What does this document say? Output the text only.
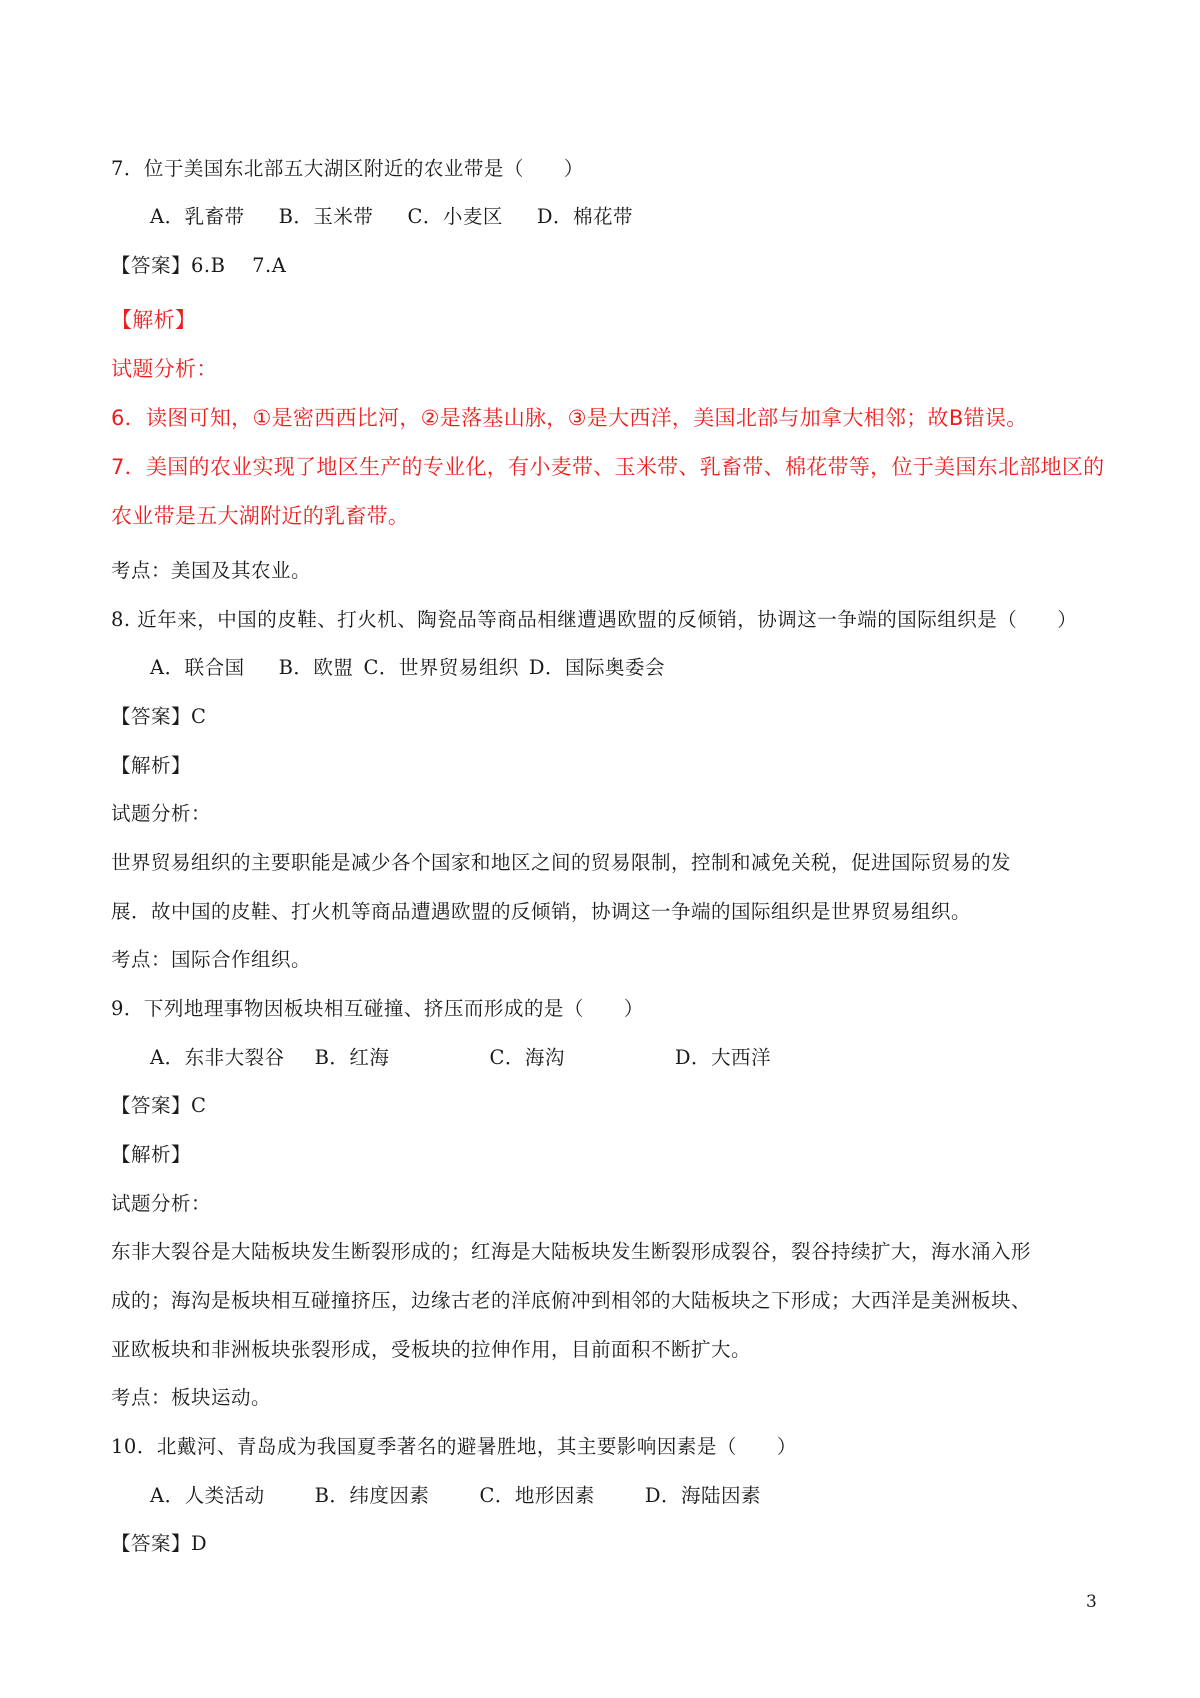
7．位于美国东北部五大湖区附近的农业带是（　　）
A．乳畜带 B．玉米带 C．小麦区 D．棉花带
【答案】6.B　 7.A
【解析】
试题分析：
6．读图可知，①是密西西比河，②是落基山脉，③是大西洋，美国北部与加拿大相邻；故B错误。
7．美国的农业实现了地区生产的专业化，有小麦带、玉米带、乳畜带、棉花带等，位于美国东北部地区的
农业带是五大湖附近的乳畜带。
考点：美国及其农业。
8. 近年来，中国的皮鞋、打火机、陶瓷品等商品相继遭遇欧盟的反倾销，协调这一争端的国际组织是（　　）
A．联合国 B．欧盟 C．世界贸易组织 D．国际奥委会
【答案】C
【解析】
试题分析：
世界贸易组织的主要职能是减少各个国家和地区之间的贸易限制，控制和减免关税，促进国际贸易的发
展．故中国的皮鞋、打火机等商品遭遇欧盟的反倾销，协调这一争端的国际组织是世界贸易组织。
考点：国际合作组织。
9．下列地理事物因板块相互碰撞、挤压而形成的是（　　）
A．东非大裂谷 B．红海	C．海沟	D．大西洋
【答案】C
【解析】
试题分析：
东非大裂谷是大陆板块发生断裂形成的；红海是大陆板块发生断裂形成裂谷，裂谷持续扩大，海水涌入形
成的；海沟是板块相互碰撞挤压，边缘古老的洋底俯冲到相邻的大陆板块之下形成；大西洋是美洲板块、
亚欧板块和非洲板块张裂形成，受板块的拉伸作用，目前面积不断扩大。
考点：板块运动。
10．北戴河、青岛成为我国夏季著名的避暑胜地，其主要影响因素是（　　）
A．人类活动	B．纬度因素	C．地形因素	D．海陆因素
【答案】D
3
